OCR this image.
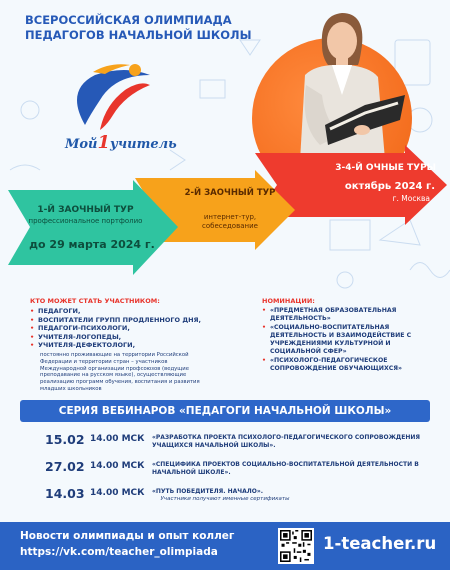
ВСЕРОССИЙСКАЯ ОЛИМПИАДА
ПЕДАГОГОВ НАЧАЛЬНОЙ ШКОЛЫ
Мой1учитель
1-Й ЗАОЧНЫЙ ТУР
профессиональное портфолио
до 29 марта 2024 г.
2-Й ЗАОЧНЫЙ ТУР
интернет-тур,
собеседование
3-4-Й ОЧНЫЕ ТУРЫ
октябрь 2024 г.
г. Москва
КТО МОЖЕТ СТАТЬ УЧАСТНИКОМ:
• ПЕДАГОГИ,
• ВОСПИТАТЕЛИ ГРУПП ПРОДЛЕННОГО ДНЯ,
• ПЕДАГОГИ-ПСИХОЛОГИ,
• УЧИТЕЛЯ-ЛОГОПЕДЫ,
• УЧИТЕЛЯ-ДЕФЕКТОЛОГИ,
постоянно проживающие на территории Российской Федерации и территории стран – участников Международной организации профсоюзов (ведущие преподавание на русском языке), осуществляющие реализацию программ обучения, воспитания и развития младших школьников
НОМИНАЦИИ:
• «ПРЕДМЕТНАЯ ОБРАЗОВАТЕЛЬНАЯ ДЕЯТЕЛЬНОСТЬ»
• «СОЦИАЛЬНО-ВОСПИТАТЕЛЬНАЯ ДЕЯТЕЛЬНОСТЬ И ВЗАИМОДЕЙСТВИЕ С УЧРЕЖДЕНИЯМИ КУЛЬТУРНОЙ И СОЦИАЛЬНОЙ СФЕР»
• «ПСИХОЛОГО-ПЕДАГОГИЧЕСКОЕ СОПРОВОЖДЕНИЕ ОБУЧАЮЩИХСЯ»
СЕРИЯ ВЕБИНАРОВ «ПЕДАГОГИ НАЧАЛЬНОЙ ШКОЛЫ»
15.02 14.00 МСК	«РАЗРАБОТКА ПРОЕКТА ПСИХОЛОГО-ПЕДАГОГИЧЕСКОГО СОПРОВОЖДЕНИЯ УЧАЩИХСЯ НАЧАЛЬНОЙ ШКОЛЫ».
27.02 14.00 МСК	«СПЕЦИФИКА ПРОЕКТОВ СОЦИАЛЬНО-ВОСПИТАТЕЛЬНОЙ ДЕЯТЕЛЬНОСТИ В НАЧАЛЬНОЙ ШКОЛЕ».
14.03 14.00 МСК	«ПУТЬ ПОБЕДИТЕЛЯ. НАЧАЛО».
Участники получают именные сертификаты
Новости олимпиады и опыт коллег
https://vk.com/teacher_olimpiada	1-teacher.ru
